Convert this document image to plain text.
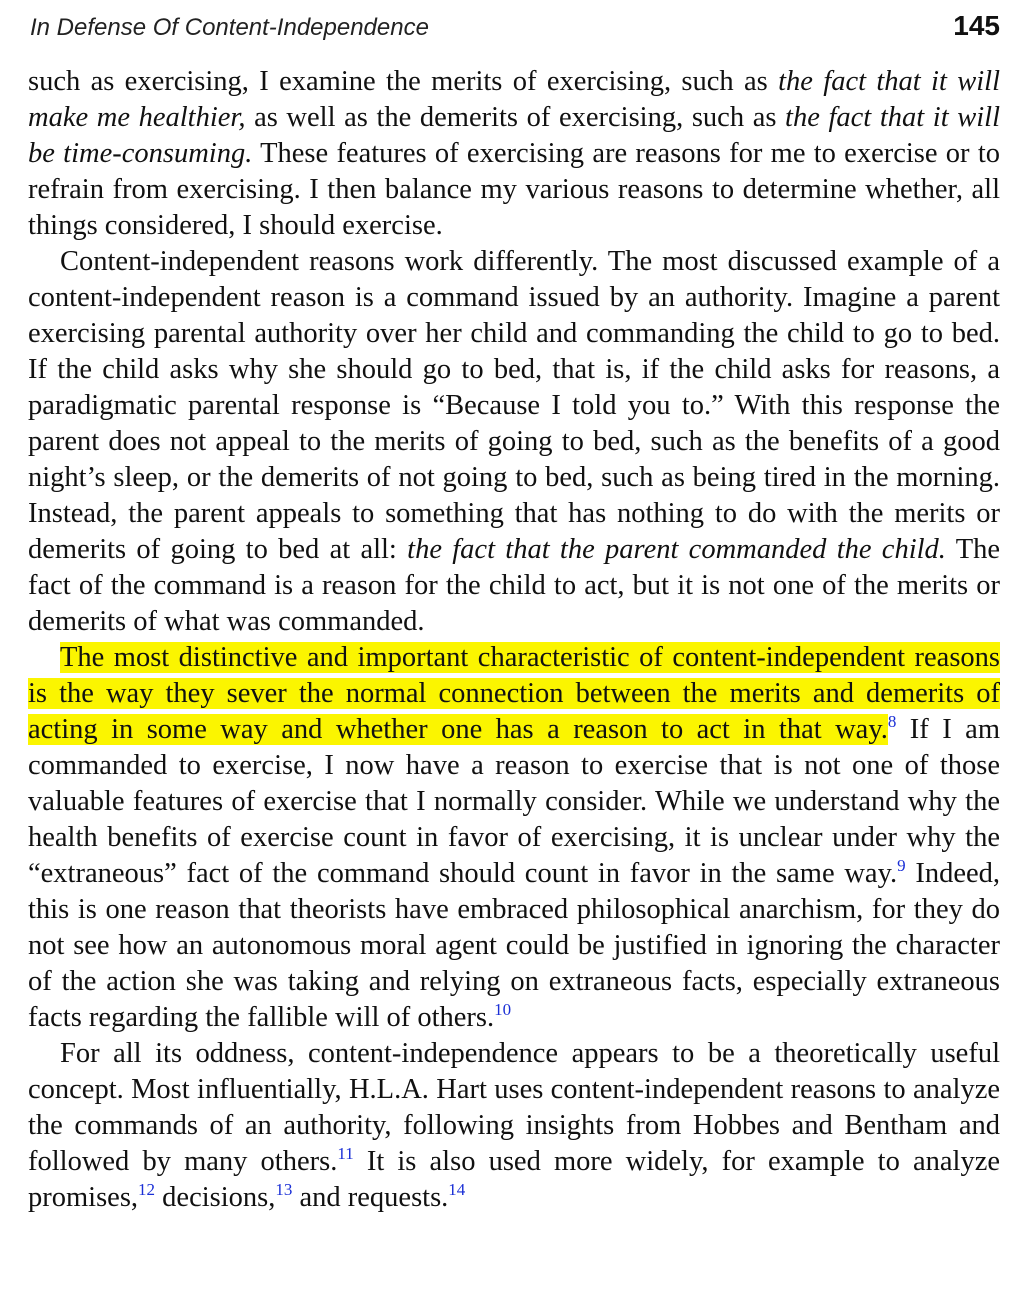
In Defense Of Content-Independence	145

such as exercising, I examine the merits of exercising, such as the fact that it will make me healthier, as well as the demerits of exercising, such as the fact that it will be time-consuming. These features of exercising are reasons for me to exercise or to refrain from exercising. I then balance my various reasons to determine whether, all things considered, I should exercise.

Content-independent reasons work differently. The most discussed example of a content-independent reason is a command issued by an authority. Imagine a parent exercising parental authority over her child and commanding the child to go to bed. If the child asks why she should go to bed, that is, if the child asks for reasons, a paradigmatic parental response is “Because I told you to.” With this response the parent does not appeal to the merits of going to bed, such as the benefits of a good night’s sleep, or the demerits of not going to bed, such as being tired in the morning. Instead, the parent appeals to something that has nothing to do with the merits or demerits of going to bed at all: the fact that the parent commanded the child. The fact of the command is a reason for the child to act, but it is not one of the merits or demerits of what was commanded.

The most distinctive and important characteristic of content-independent reasons is the way they sever the normal connection between the merits and demerits of acting in some way and whether one has a reason to act in that way.$^8$ If I am commanded to exercise, I now have a reason to exercise that is not one of those valuable features of exercise that I normally consider. While we understand why the health benefits of exercise count in favor of exercising, it is unclear under why the “extraneous” fact of the command should count in favor in the same way.$^9$ Indeed, this is one reason that theorists have embraced philosophical anarchism, for they do not see how an autonomous moral agent could be justified in ignoring the character of the action she was taking and relying on extraneous facts, especially extraneous facts regarding the fallible will of others.$^{10}$

For all its oddness, content-independence appears to be a theoretically useful concept. Most influentially, H.L.A. Hart uses content-independent reasons to analyze the commands of an authority, following insights from Hobbes and Bentham and followed by many others.$^{11}$ It is also used more widely, for example to analyze promises,$^{12}$ decisions,$^{13}$ and requests.$^{14}$
